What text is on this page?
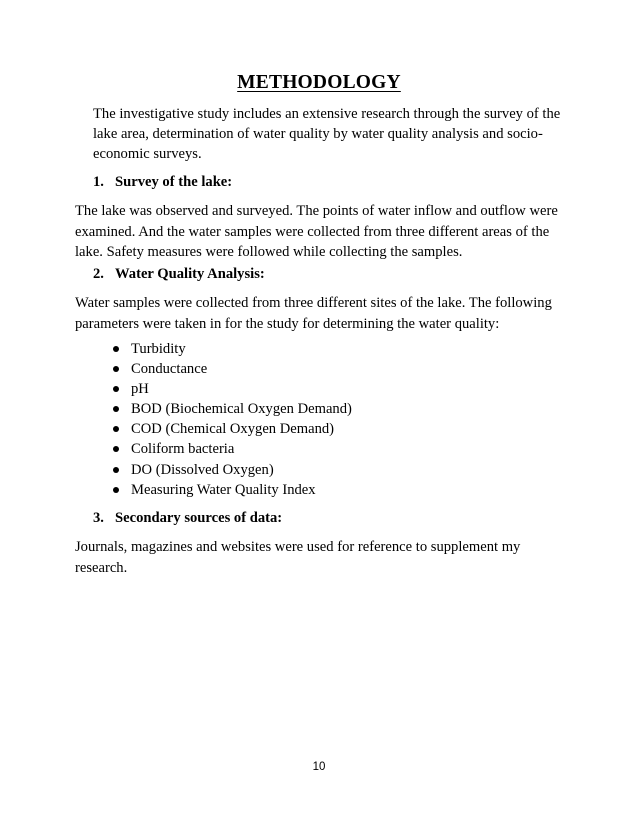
METHODOLOGY

The investigative study includes an extensive research through the survey of the lake area, determination of water quality by water quality analysis and socio-economic surveys.

1. Survey of the lake:

The lake was observed and surveyed. The points of water inflow and outflow were examined. And the water samples were collected from three different areas of the lake. Safety measures were followed while collecting the samples.

2. Water Quality Analysis:

Water samples were collected from three different sites of the lake. The following parameters were taken in for the study for determining the water quality:

Turbidity
Conductance
pH
BOD (Biochemical Oxygen Demand)
COD (Chemical Oxygen Demand)
Coliform bacteria
DO (Dissolved Oxygen)
Measuring Water Quality Index
3. Secondary sources of data:

Journals, magazines and websites were used for reference to supplement my research.

10
